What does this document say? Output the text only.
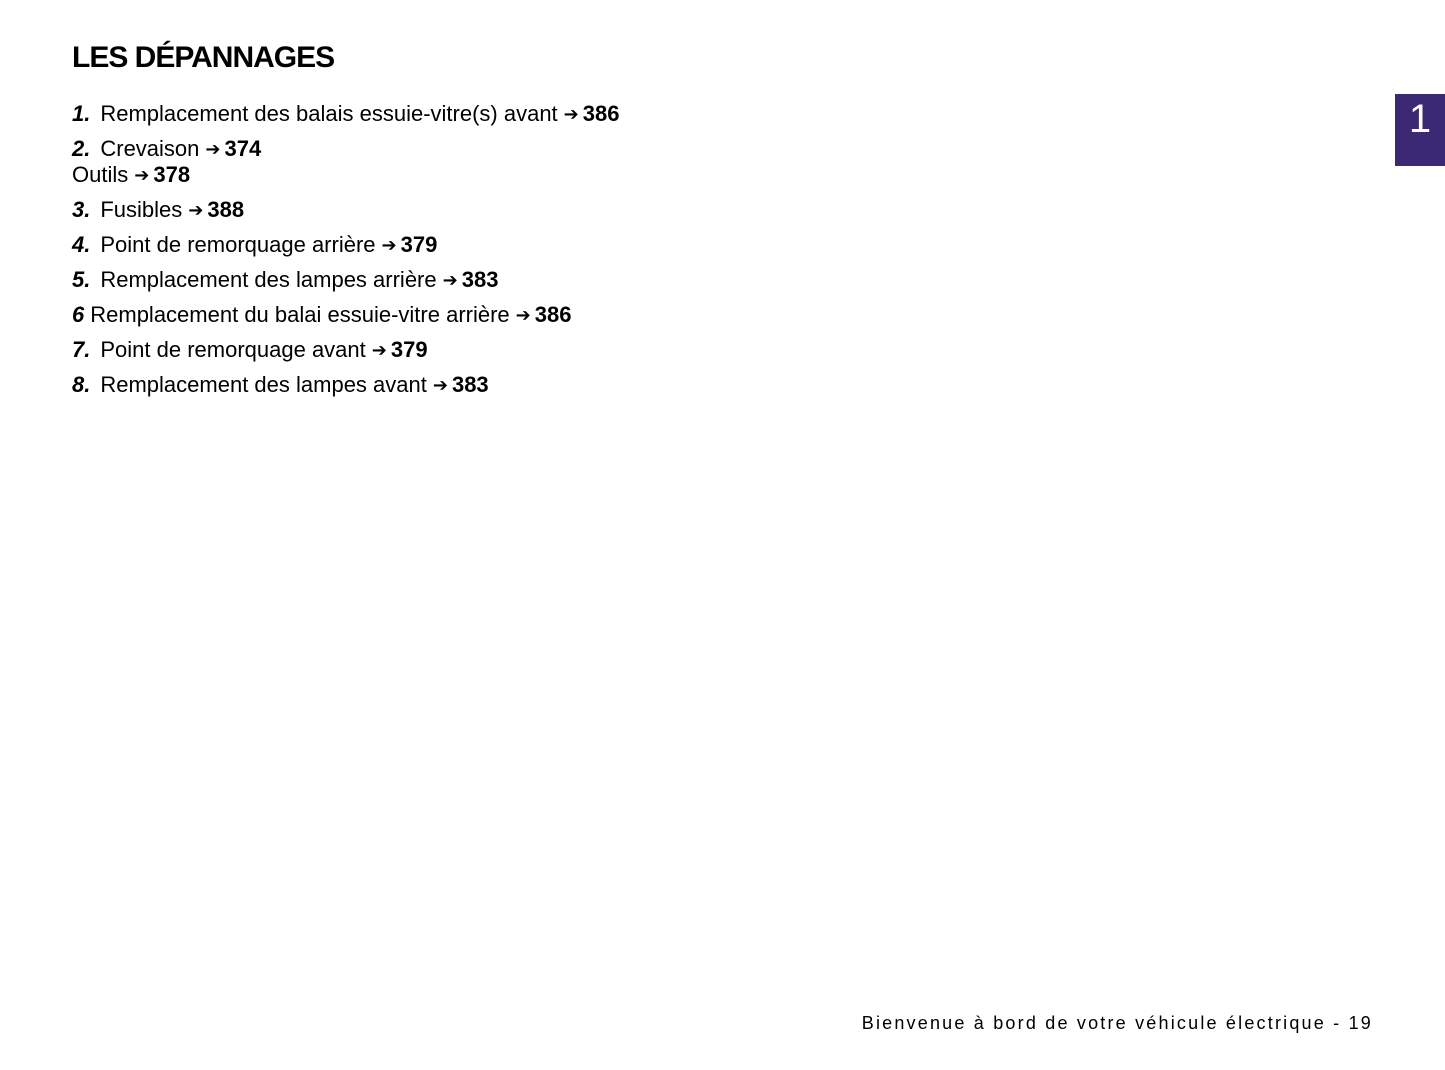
LES DÉPANNAGES
1
1. Remplacement des balais essuie-vitre(s) avant ➔ 386
2. Crevaison ➔ 374
Outils ➔ 378
3. Fusibles ➔ 388
4. Point de remorquage arrière ➔ 379
5. Remplacement des lampes arrière ➔ 383
6 Remplacement du balai essuie-vitre arrière ➔ 386
7. Point de remorquage avant ➔ 379
8. Remplacement des lampes avant ➔ 383
Bienvenue à bord de votre véhicule électrique - 19
